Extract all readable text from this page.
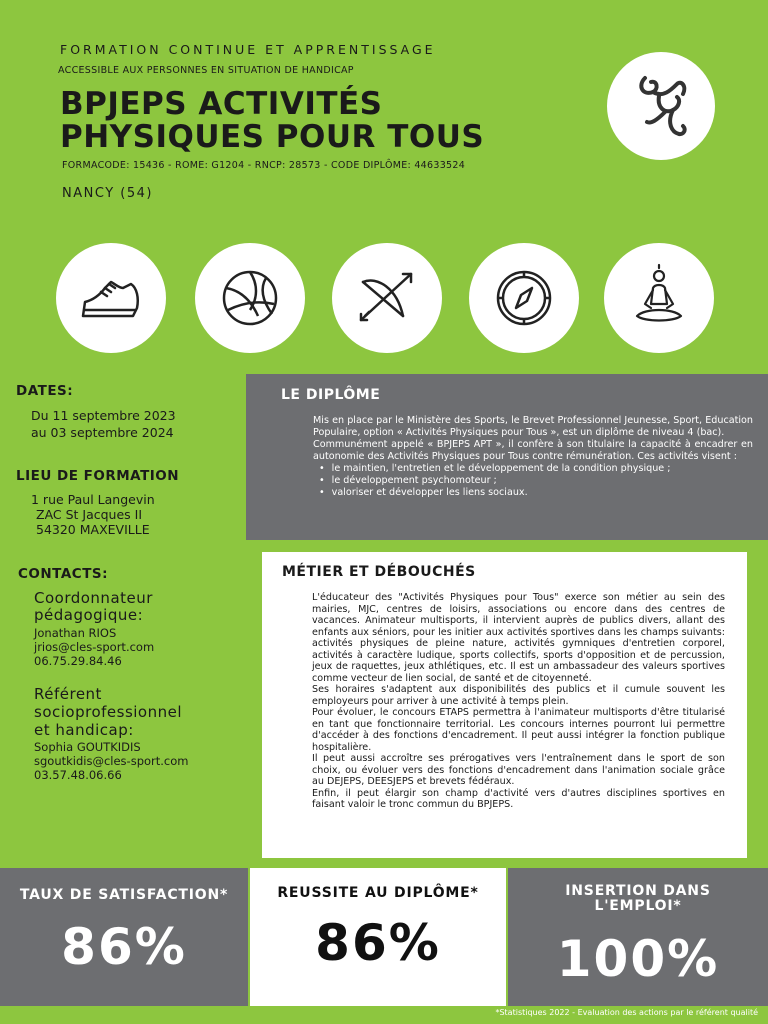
FORMATION CONTINUE ET APPRENTISSAGE
ACCESSIBLE AUX PERSONNES EN SITUATION DE HANDICAP
BPJEPS ACTIVITÉS
PHYSIQUES POUR TOUS
FORMACODE: 15436 - ROME: G1204 - RNCP: 28573 - CODE DIPLÔME: 44633524
NANCY (54)
DATES:
Du 11 septembre 2023
au 03 septembre 2024
LIEU DE FORMATION
1 rue Paul Langevin
ZAC St Jacques II
54320 MAXEVILLE
CONTACTS:
Coordonnateur
pédagogique:
Jonathan RIOS
jrios@cles-sport.com
06.75.29.84.46
Référent
socioprofessionnel
et handicap:
Sophia GOUTKIDIS
sgoutkidis@cles-sport.com
03.57.48.06.66
LE DIPLÔME

Mis en place par le Ministère des Sports, le Brevet Professionnel Jeunesse, Sport, Education Populaire, option « Activités Physiques pour Tous », est un diplôme de niveau 4 (bac).

Communément appelé « BPJEPS APT », il confère à son titulaire la capacité à encadrer en autonomie des Activités Physiques pour Tous contre rémunération. Ces activités visent :

• le maintien, l'entretien et le développement de la condition physique ;
• le développement psychomoteur ;
• valoriser et développer les liens sociaux.
MÉTIER ET DÉBOUCHÉS

L'éducateur des "Activités Physiques pour Tous" exerce son métier au sein des mairies, MJC, centres de loisirs, associations ou encore dans des centres de vacances. Animateur multisports, il intervient auprès de publics divers, allant des enfants aux séniors, pour les initier aux activités sportives dans les champs suivants: activités physiques de pleine nature, activités gymniques d'entretien corporel, activités à caractère ludique, sports collectifs, sports d'opposition et de percussion, jeux de raquettes, jeux athlétiques, etc. Il est un ambassadeur des valeurs sportives comme vecteur de lien social, de santé et de citoyenneté.

Ses horaires s'adaptent aux disponibilités des publics et il cumule souvent les employeurs pour arriver à une activité à temps plein.

Pour évoluer, le concours ETAPS permettra à l'animateur multisports d'être titularisé en tant que fonctionnaire territorial. Les concours internes pourront lui permettre d'accéder à des fonctions d'encadrement. Il peut aussi intégrer la fonction publique hospitalière.

Il peut aussi accroître ses prérogatives vers l'entraînement dans le sport de son choix, ou évoluer vers des fonctions d'encadrement dans l'animation sociale grâce au DEJEPS, DEESJEPS et brevets fédéraux.

Enfin, il peut élargir son champ d'activité vers d'autres disciplines sportives en faisant valoir le tronc commun du BPJEPS.

TAUX DE SATISFACTION*
86%
REUSSITE AU DIPLÔME*
86%
INSERTION DANS
L'EMPLOI*
100%
*Statistiques 2022 - Evaluation des actions par le référent qualité
